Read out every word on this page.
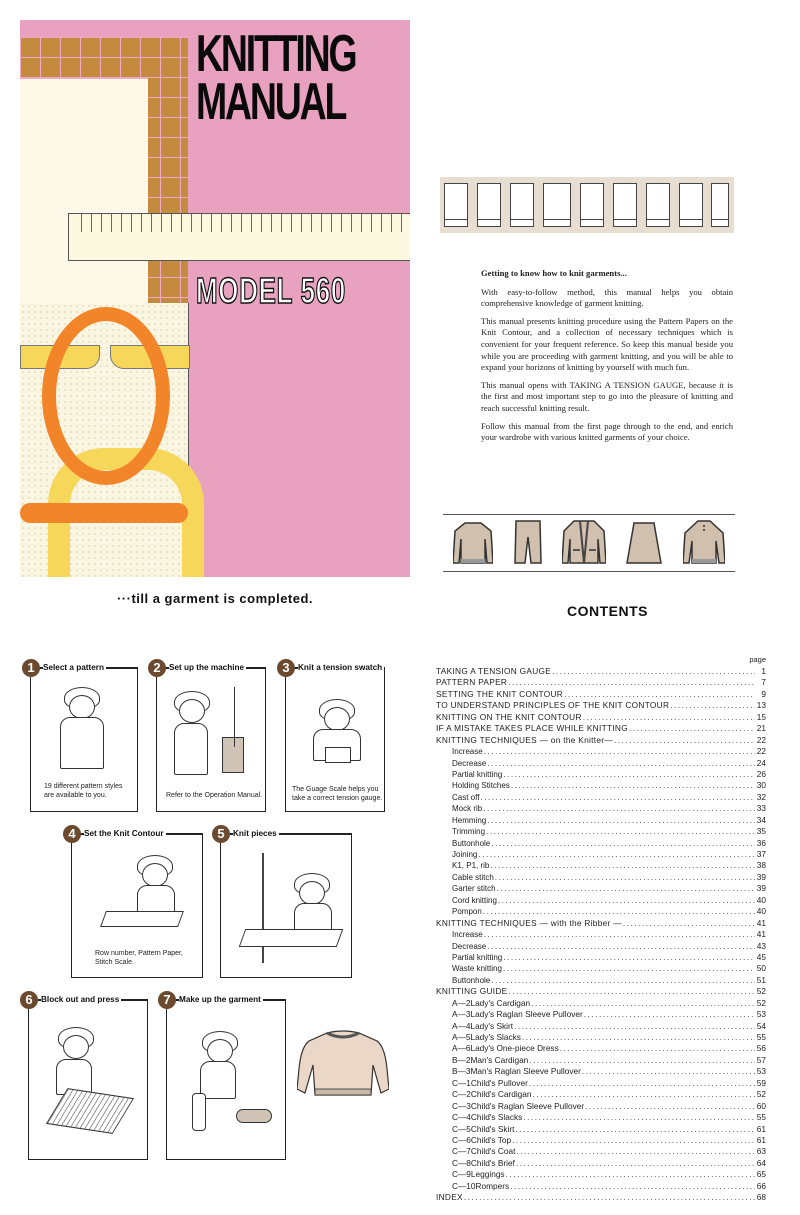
KNITTING
MANUAL
MODEL 560
···till a garment is completed.

Getting to know how to knit garments...

With easy-to-follow method, this manual helps you obtain comprehensive knowledge of garment knitting.

This manual presents knitting procedure using the Pattern Papers on the Knit Contour, and a collection of necessary techniques which is convenient for your frequent reference. So keep this manual beside you while you are proceeding with garment knitting, and you will be able to expand your horizons of knitting by yourself with much fun.

This manual opens with TAKING A TENSION GAUGE, because it is the first and most important step to go into the pleasure of knitting and reach successful knitting result.

Follow this manual from the first page through to the end, and enrich your wardrobe with various knitted garments of your choice.

CONTENTS
page
TAKING A TENSION GAUGE .....	1
PATTERN PAPER .....	7
SETTING THE KNIT CONTOUR .....	9
TO UNDERSTAND PRINCIPLES OF THE KNIT CONTOUR .....	13
KNITTING ON THE KNIT CONTOUR .....	15
IF A MISTAKE TAKES PLACE WHILE KNITTING .....	21
KNITTING TECHNIQUES — on the Knitter— .....	22
Increase .....	22
Decrease .....	24
Partial knitting .....	26
Holding Stitches .....	30
Cast off .....	32
Mock rib .....	33
Hemming .....	34
Trimming .....	35
Buttonhole .....	36
Joining .....	37
K1, P1, rib .....	38
Cable stitch .....	39
Garter stitch .....	39
Cord knitting .....	40
Pompon .....	40
KNITTING TECHNIQUES — with the Ribber — .....	41
Increase .....	41
Decrease .....	43
Partial knitting .....	45
Waste knitting .....	50
Buttonhole .....	51
KNITTING GUIDE .....	52
A—2 Lady's Cardigan .....	52
A—3 Lady's Raglan Sleeve Pullover .....	53
A—4 Lady's Skirt .....	54
A—5 Lady's Slacks .....	55
A—6 Lady's One-piece Dress .....	56
B—2 Man's Cardigan .....	57
B—3 Man's Raglan Sleeve Pullover .....	53
C—1 Child's Pullover .....	59
C—2 Child's Cardigan .....	52
C—3 Child's Raglan Sleeve Pullover .....	60
C—4 Child's Slacks .....	55
C—5 Child's Skirt .....	61
C—6 Child's Top .....	61
C—7 Child's Coat .....	63
C—8 Child's Brief .....	64
C—9 Leggings .....	65
C—10 Rompers .....	66
INDEX .....	68
1	Select a pattern
19 different pattern styles are available to you.
2	Set up the machine
Refer to the Operation Manual.
3	Knit a tension swatch
The Guage Scale helps you take a correct tension gauge.
4	Set the Knit Contour
Row number, Pattern Paper, Stitch Scale.
5	Knit pieces
6	Block out and press	7	Make up the garment
